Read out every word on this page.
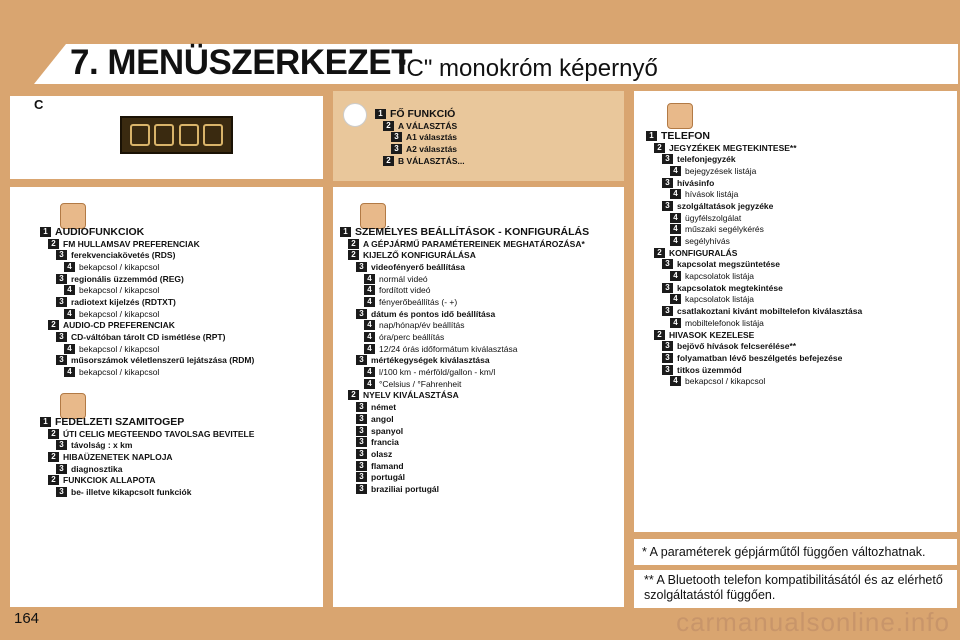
7. MENÜSZERKEZET
"C" monokróm képernyő
C
1 FŐ FUNKCIÓ
2 A VÁLASZTÁS
3 A1 választás
3 A2 választás
2 B VÁLASZTÁS...
1 AUDIOFUNKCIOK
2 FM HULLAMSAV PREFERENCIAK
3 ferekvenciakövetés (RDS)
4 bekapcsol / kikapcsol
3 regionális üzzemmód (REG)
4 bekapcsol / kikapcsol
3 radiotext kijelzés (RDTXT)
4 bekapcsol / kikapcsol
2 AUDIO-CD PREFERENCIAK
3 CD-váltóban tárolt CD ismétlése (RPT)
4 bekapcsol / kikapcsol
3 műsorszámok véletlenszerű lejátszása (RDM)
4 bekapcsol / kikapcsol
1 FEDELZETI SZAMITOGEP
2 ÚTI CELIG MEGTEENDO TAVOLSAG BEVITELE
3 távolság : x km
2 HIBAÜZENETEK NAPLOJA
3 diagnosztika
2 FUNKCIOK ALLAPOTA
3 be- illetve kikapcsolt funkciók
1 SZEMÉLYES BEÁLLÍTÁSOK - KONFIGURÁLÁS
2 A GÉPJÁRMŰ PARAMÉTEREINEK MEGHATÁROZÁSA*
2 KIJELZŐ KONFIGURÁLÁSA
3 videofényerő beállítása
4 normál videó
4 fordított videó
4 fényerőbeállítás (- +)
3 dátum és pontos idő beállítása
4 nap/hónap/év beállítás
4 óra/perc beállítás
4 12/24 órás időformátum kiválasztása
3 mértékegységek kiválasztása
4 l/100 km - mérföld/gallon - km/l
4 °Celsius / °Fahrenheit
2 NYELV KIVÁLASZTÁSA
3 német
3 angol
3 spanyol
3 francia
3 olasz
3 flamand
3 portugál
3 braziliai portugál
1 TELEFON
2 JEGYZÉKEK MEGTEKINTESE**
3 telefonjegyzék
4 bejegyzések listája
3 hívásinfo
4 hívások listája
3 szolgáltatások jegyzéke
4 ügyfélszolgálat
4 műszaki segélykérés
4 segélyhívás
2 KONFIGURALÁS
3 kapcsolat megszüntetése
4 kapcsolatok listája
3 kapcsolatok megtekintése
4 kapcsolatok listája
3 csatlakoztani kivánt mobiltelefon kiválasztása
4 mobiltelefonok listája
2 HIVASOK KEZELESE
3 bejövő hívások felcserélése**
3 folyamatban lévő beszélgetés befejezése
3 titkos üzemmód
4 bekapcsol / kikapcsol
* A paraméterek gépjárműtől függően változhatnak.
** A Bluetooth telefon kompatibilitásától és az elérhető szolgáltatástól függően.
164	carmanualsonline.info
